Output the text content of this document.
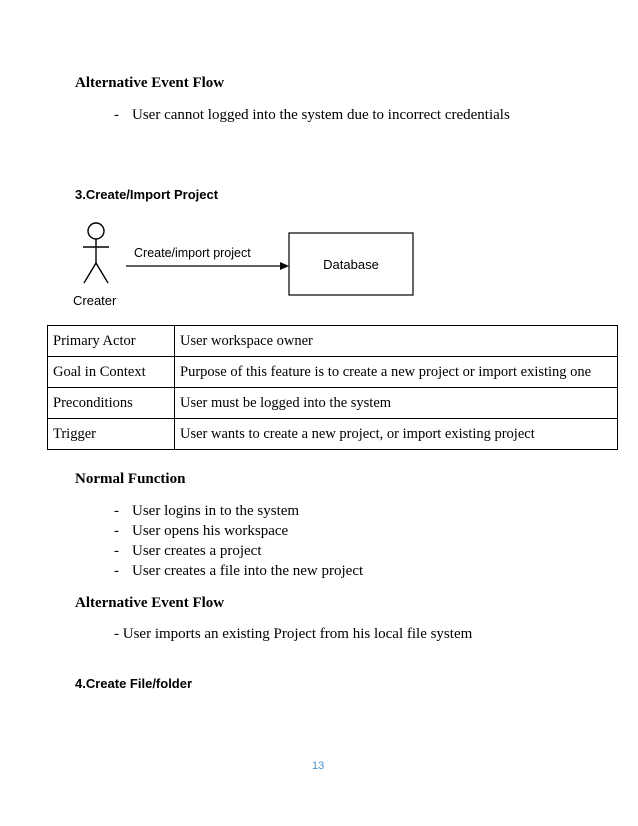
Alternative Event Flow
- User cannot logged into the system due to incorrect credentials
3.Create/Import Project
Creater
Create/import project
Database
Primary Actor	User workspace owner
Goal in Context	Purpose of this feature is to create a new project or import existing one
Preconditions	User must be logged into the system
Trigger	User wants to create a new project, or import existing project
Normal Function
- User logins in to the system
- User opens his workspace
- User creates a project
- User creates a file into the new project
Alternative Event Flow
- User imports an existing Project from his local file system
4.Create File/folder
13
